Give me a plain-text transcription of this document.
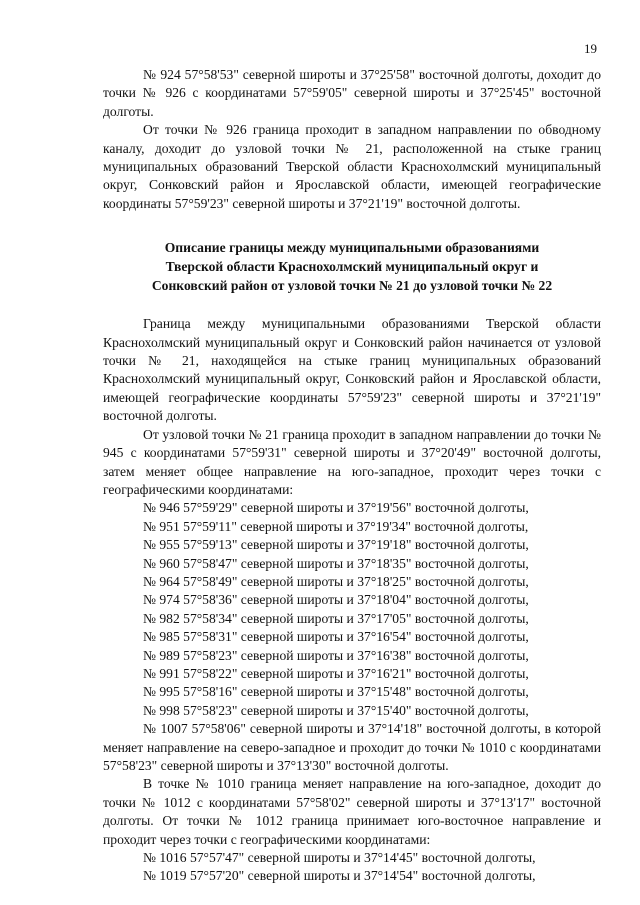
19

№ 924 57°58'53" северной широты и 37°25'58" восточной долготы, доходит до точки № 926 с координатами 57°59'05" северной широты и 37°25'45" восточной долготы.

От точки № 926 граница проходит в западном направлении по обводному каналу, доходит до узловой точки № 21, расположенной на стыке границ муниципальных образований Тверской области Краснохолмский муниципальный округ, Сонковский район и Ярославской области, имеющей географические координаты 57°59'23" северной широты и 37°21'19" восточной долготы.

Описание границы между муниципальными образованиями
Тверской области Краснохолмский муниципальный округ и
Сонковский район от узловой точки № 21 до узловой точки № 22

Граница между муниципальными образованиями Тверской области Краснохолмский муниципальный округ и Сонковский район начинается от узловой точки № 21, находящейся на стыке границ муниципальных образований Краснохолмский муниципальный округ, Сонковский район и Ярославской области, имеющей географические координаты 57°59'23" северной широты и 37°21'19" восточной долготы.

От узловой точки № 21 граница проходит в западном направлении до точки № 945 с координатами 57°59'31" северной широты и 37°20'49" восточной долготы, затем меняет общее направление на юго-западное, проходит через точки с географическими координатами:

№ 946 57°59'29" северной широты и 37°19'56" восточной долготы,

№ 951 57°59'11" северной широты и 37°19'34" восточной долготы,

№ 955 57°59'13" северной широты и 37°19'18" восточной долготы,

№ 960 57°58'47" северной широты и 37°18'35" восточной долготы,

№ 964 57°58'49" северной широты и 37°18'25" восточной долготы,

№ 974 57°58'36" северной широты и 37°18'04" восточной долготы,

№ 982 57°58'34" северной широты и 37°17'05" восточной долготы,

№ 985 57°58'31" северной широты и 37°16'54" восточной долготы,

№ 989 57°58'23" северной широты и 37°16'38" восточной долготы,

№ 991 57°58'22" северной широты и 37°16'21" восточной долготы,

№ 995 57°58'16" северной широты и 37°15'48" восточной долготы,

№ 998 57°58'23" северной широты и 37°15'40" восточной долготы,

№ 1007 57°58'06" северной широты и 37°14'18" восточной долготы, в которой меняет направление на северо-западное и проходит до точки № 1010 с координатами 57°58'23" северной широты и 37°13'30" восточной долготы.

В точке № 1010 граница меняет направление на юго-западное, доходит до точки № 1012 с координатами 57°58'02" северной широты и 37°13'17" восточной долготы. От точки № 1012 граница принимает юго-восточное направление и проходит через точки с географическими координатами:

№ 1016 57°57'47" северной широты и 37°14'45" восточной долготы,

№ 1019 57°57'20" северной широты и 37°14'54" восточной долготы,
